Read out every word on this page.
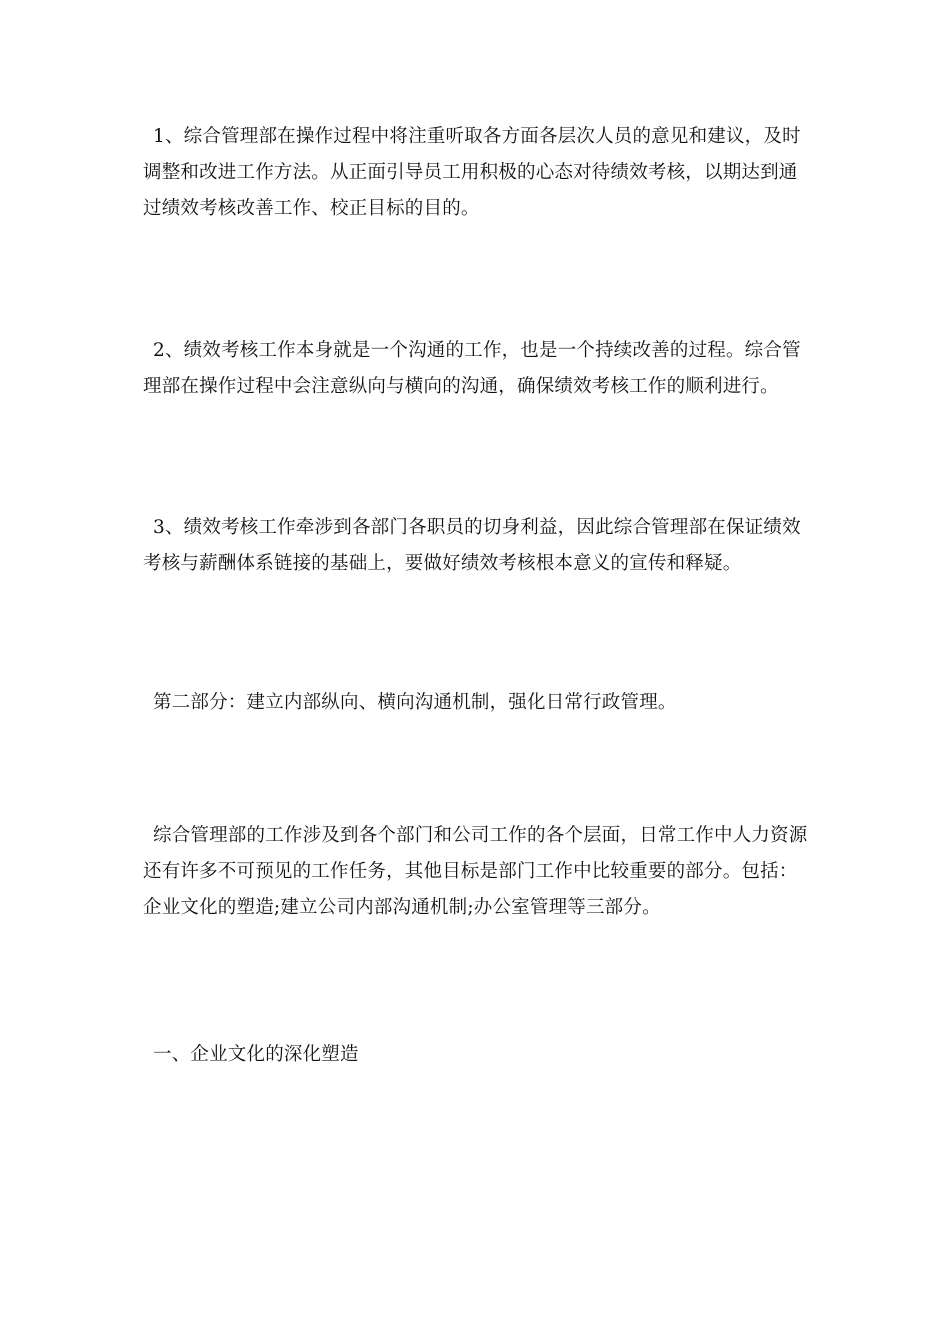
1、综合管理部在操作过程中将注重听取各方面各层次人员的意见和建议，及时调整和改进工作方法。从正面引导员工用积极的心态对待绩效考核，以期达到通过绩效考核改善工作、校正目标的目的。

2、绩效考核工作本身就是一个沟通的工作，也是一个持续改善的过程。综合管理部在操作过程中会注意纵向与横向的沟通，确保绩效考核工作的顺利进行。

3、绩效考核工作牵涉到各部门各职员的切身利益，因此综合管理部在保证绩效考核与薪酬体系链接的基础上，要做好绩效考核根本意义的宣传和释疑。

第二部分：建立内部纵向、横向沟通机制，强化日常行政管理。

综合管理部的工作涉及到各个部门和公司工作的各个层面，日常工作中人力资源还有许多不可预见的工作任务，其他目标是部门工作中比较重要的部分。包括：企业文化的塑造;建立公司内部沟通机制;办公室管理等三部分。

一、企业文化的深化塑造
